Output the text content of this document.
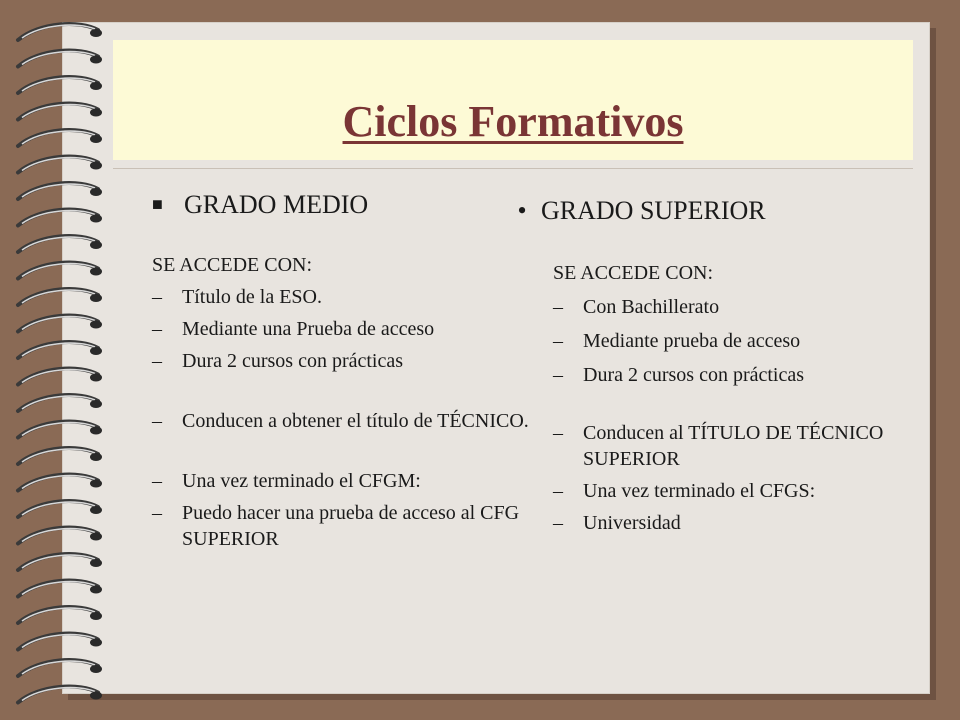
Ciclos Formativos
■ GRADO MEDIO
SE ACCEDE CON:
–	Título de la ESO.
–	Mediante una Prueba de acceso
–	Dura 2 cursos con prácticas
–	Conducen a obtener el título de TÉCNICO.
–	Una vez terminado el CFGM:
–	Puedo hacer una prueba de acceso al CFG SUPERIOR
• GRADO SUPERIOR
SE ACCEDE CON:
–	Con Bachillerato
–	Mediante prueba de acceso
–	Dura 2 cursos con prácticas
–	Conducen al TÍTULO DE TÉCNICO SUPERIOR
–	Una vez terminado el CFGS:
–	Universidad
